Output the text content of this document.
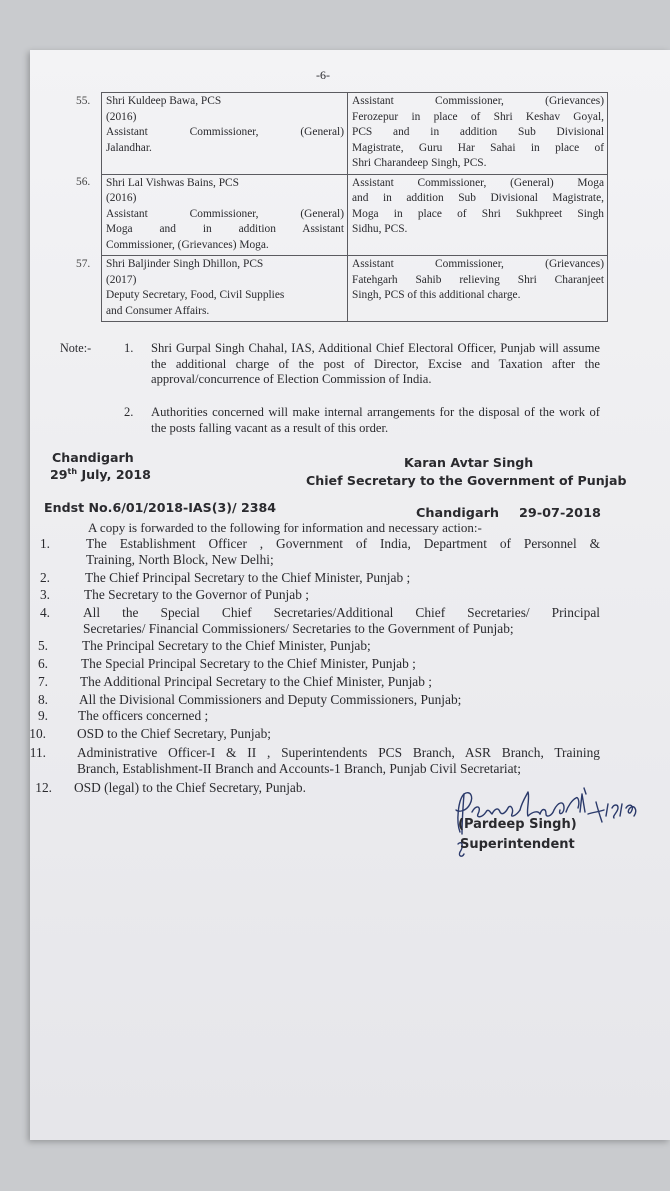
-6-
55.	Shri Kuldeep Bawa, PCS
(2016)
Assistant Commissioner, (General)
Jalandhar.	Assistant Commissioner, (Grievances)
Ferozepur in place of Shri Keshav Goyal,
PCS and in addition Sub Divisional
Magistrate, Guru Har Sahai in place of
Shri Charandeep Singh, PCS.

56.	Shri Lal Vishwas Bains, PCS
(2016)
Assistant Commissioner, (General)
Moga and in addition Assistant
Commissioner, (Grievances) Moga.	Assistant Commissioner, (General) Moga
and in addition Sub Divisional Magistrate,
Moga in place of Shri Sukhpreet Singh
Sidhu, PCS.

57.	Shri Baljinder Singh Dhillon, PCS
(2017)
Deputy Secretary, Food, Civil Supplies
and Consumer Affairs.	Assistant Commissioner, (Grievances)
Fatehgarh Sahib relieving Shri Charanjeet
Singh, PCS of this additional charge.
Note:-	1. Shri Gurpal Singh Chahal, IAS, Additional Chief Electoral Officer, Punjab will assume the additional charge of the post of Director, Excise and Taxation after the approval/concurrence of Election Commission of India.
2. Authorities concerned will make internal arrangements for the disposal of the work of the posts falling vacant as a result of this order.
Chandigarh
29th July, 2018
Karan Avtar Singh
Chief Secretary to the Government of Punjab
Endst No.6/01/2018-IAS(3)/ 2384	Chandigarh 29-07-2018
A copy is forwarded to the following for information and necessary action:-
1.	The Establishment Officer , Government of India, Department of Personnel &
Training, North Block, New Delhi;
2.	The Chief Principal Secretary to the Chief Minister, Punjab ;
3.	The Secretary to the Governor of Punjab ;
4. All the Special Chief Secretaries/Additional Chief Secretaries/ Principal
Secretaries/ Financial Commissioners/ Secretaries to the Government of Punjab;
5.	The Principal Secretary to the Chief Minister, Punjab;
6. The Special Principal Secretary to the Chief Minister, Punjab ;
7. The Additional Principal Secretary to the Chief Minister, Punjab ;
8. All the Divisional Commissioners and Deputy Commissioners, Punjab;
9. The officers concerned ;
10. OSD to the Chief Secretary, Punjab;
11. Administrative Officer-I & II , Superintendents PCS Branch, ASR Branch, Training
Branch, Establishment-II Branch and Accounts-1 Branch, Punjab Civil Secretariat;
12. OSD (legal) to the Chief Secretary, Punjab.
(Pardeep Singh)
Superintendent
